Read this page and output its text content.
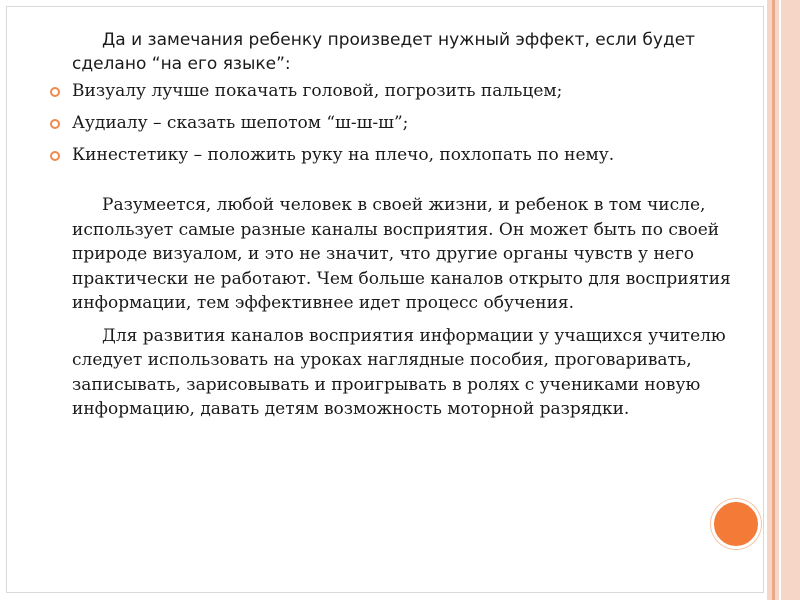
Да и замечания ребенку произведет нужный эффект, если будет сделано “на его языке”:

Визуалу лучше покачать головой, погрозить пальцем;
Аудиалу – сказать шепотом “ш-ш-ш”;
Кинестетику – положить руку на плечо, похлопать по нему.

Разумеется, любой человек в своей жизни, и ребенок в том числе, использует самые разные каналы восприятия. Он может быть по своей природе визуалом, и это не значит, что другие органы чувств у него практически не работают. Чем больше каналов открыто для восприятия информации, тем эффективнее идет процесс обучения.

Для развития каналов восприятия информации у учащихся учителю следует использовать на уроках наглядные пособия, проговаривать, записывать, зарисовывать и проигрывать в ролях с учениками новую информацию, давать детям возможность моторной разрядки.
